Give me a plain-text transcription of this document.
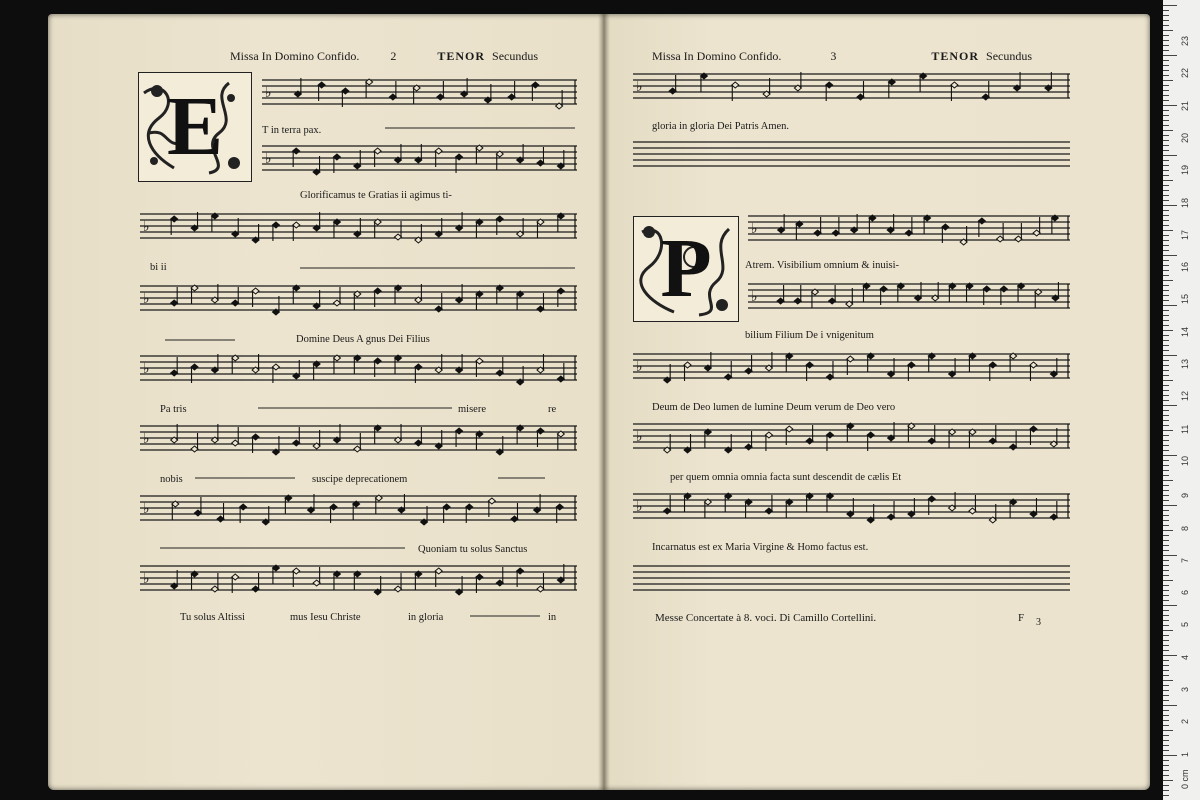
Missa In Domino Confido.	2	TENOR Secundus
E
Missa In Domino Confido.	3	TENOR Secundus
P
♭
♭
♭
♭
♭
♭
♭
♭
♭
♭
♭
♭
♭
♭
T in terra pax.
Glorificamus te Gratias ii agimus ti-
bi ii
Domine Deus A gnus Dei Filius
Pa tris	misere	re
nobis	suscipe deprecationem
Quoniam tu solus Sanctus
Tu solus Altissi	mus Iesu Christe	in gloria	in
gloria in gloria Dei Patris Amen.
Atrem. Visibilium omnium & inuisi-
bilium Filium De i vnigenitum
Deum de Deo lumen de lumine Deum verum de Deo vero
per quem omnia omnia facta sunt descendit de cælis Et
Incarnatus est ex Maria Virgine & Homo factus est.
Messe Concertate à 8. voci. Di Camillo Cortellini.	F 3
23
22
21
20
19
18
17
16
15
14
13
12
11
10
9
8
7
6
5
4
3
2
1
0 cm
